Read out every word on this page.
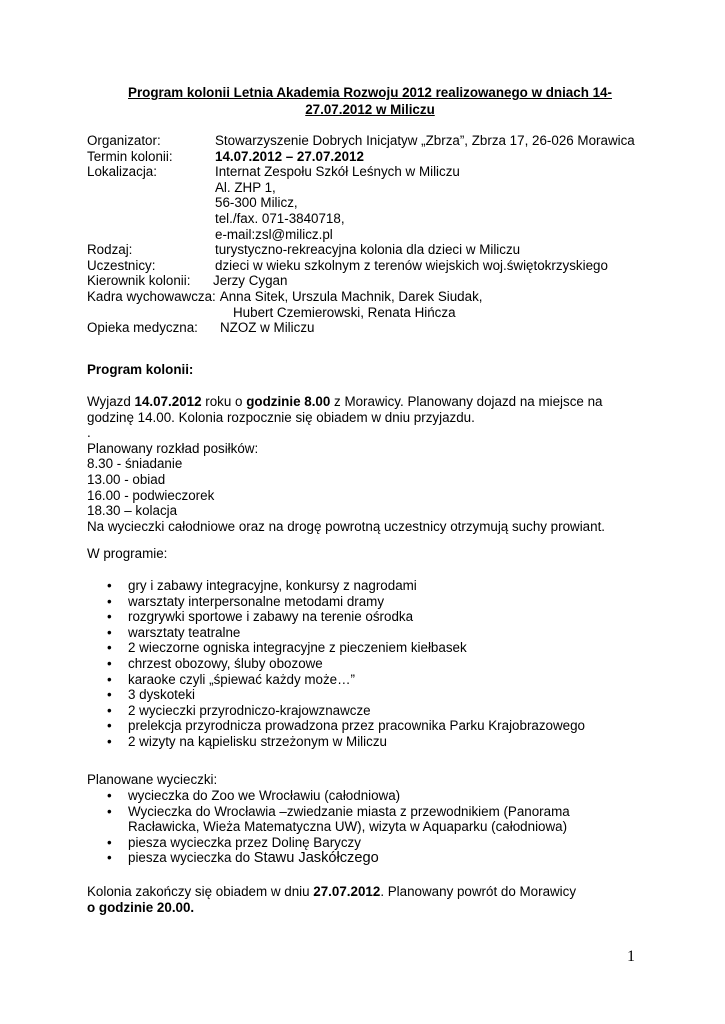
Program kolonii Letnia Akademia Rozwoju 2012 realizowanego w dniach 14-
27.07.2012 w Miliczu
Organizator:	Stowarzyszenie Dobrych Inicjatyw „Zbrza”, Zbrza 17, 26-026 Morawica
Termin kolonii:	14.07.2012 – 27.07.2012
Lokalizacja:	Internat Zespołu Szkół Leśnych w Miliczu
Al. ZHP 1,
56-300 Milicz,
tel./fax. 071-3840718,
e-mail:zsl@milicz.pl
Rodzaj:	turystyczno-rekreacyjna kolonia dla dzieci w Miliczu
Uczestnicy:	dzieci w wieku szkolnym z terenów wiejskich woj.świętokrzyskiego
Kierownik kolonii:	Jerzy Cygan
Kadra wychowawcza: Anna Sitek, Urszula Machnik, Darek Siudak,
Hubert Czemierowski, Renata Hińcza
Opieka medyczna:	NZOZ w Miliczu
Program kolonii:
Wyjazd 14.07.2012 roku o godzinie 8.00 z Morawicy. Planowany dojazd na miejsce na
godzinę 14.00. Kolonia rozpocznie się obiadem w dniu przyjazdu.
.
Planowany rozkład posiłków:
8.30 - śniadanie
13.00 - obiad
16.00 - podwieczorek
18.30 – kolacja
Na wycieczki całodniowe oraz na drogę powrotną uczestnicy otrzymują suchy prowiant.
W programie:
• gry i zabawy integracyjne, konkursy z nagrodami
• warsztaty interpersonalne metodami dramy
• rozgrywki sportowe i zabawy na terenie ośrodka
• warsztaty teatralne
• 2 wieczorne ogniska integracyjne z pieczeniem kiełbasek
• chrzest obozowy, śluby obozowe
• karaoke czyli „śpiewać każdy może…”
• 3 dyskoteki
• 2 wycieczki przyrodniczo-krajowznawcze
• prelekcja przyrodnicza prowadzona przez pracownika Parku Krajobrazowego
• 2 wizyty na kąpielisku strzeżonym w Miliczu
Planowane wycieczki:
• wycieczka do Zoo we Wrocławiu (całodniowa)
• Wycieczka do Wrocławia –zwiedzanie miasta z przewodnikiem (Panorama
Racławicka, Wieża Matematyczna UW), wizyta w Aquaparku (całodniowa)
• piesza wycieczka przez Dolinę Baryczy
• piesza wycieczka do Stawu Jaskółczego
Kolonia zakończy się obiadem w dniu 27.07.2012. Planowany powrót do Morawicy
o godzinie 20.00.
1
